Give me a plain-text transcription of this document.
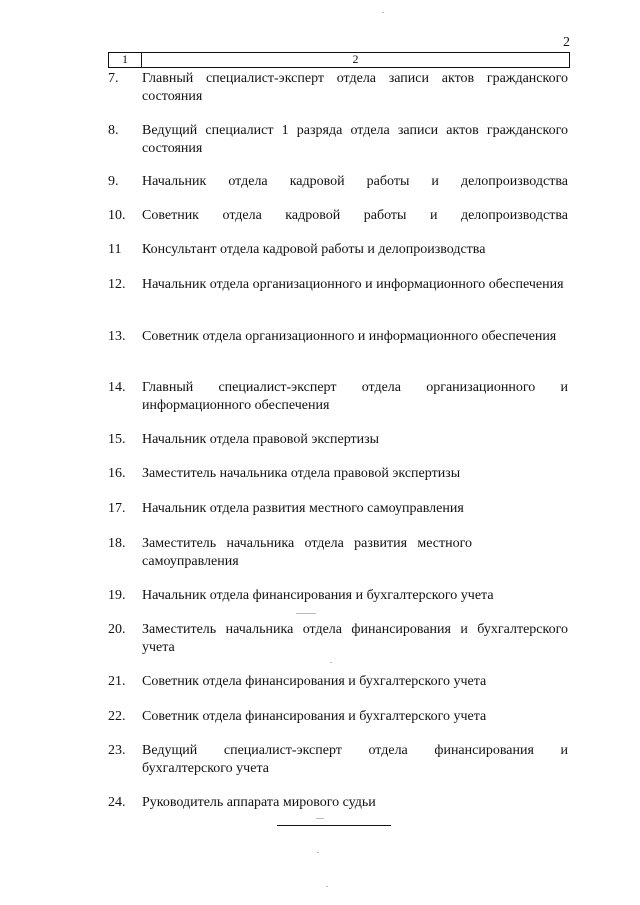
2
1	2
7.	Главный специалист-эксперт отдела записи актов гражданского состояния
8.	Ведущий специалист 1 разряда отдела записи актов гражданского состояния
9.	Начальник отдела кадровой работы и делопроизводства
10.	Советник отдела кадровой работы и делопроизводства
11	Консультант отдела кадровой работы и делопроизводства
12.	Начальник отдела организационного и информационного обеспечения
13.	Советник отдела организационного и информационного обеспечения
14.	Главный специалист-эксперт отдела организационного и информационного обеспечения
15.	Начальник отдела правовой экспертизы
16.	Заместитель начальника отдела правовой экспертизы
17.	Начальник отдела развития местного самоуправления
18.	Заместитель начальника отдела развития местного самоуправления
19.	Начальник отдела финансирования и бухгалтерского учета
20.	Заместитель начальника отдела финансирования и бухгалтерского учета
21.	Советник отдела финансирования и бухгалтерского учета
22.	Советник отдела финансирования и бухгалтерского учета
23.	Ведущий специалист-эксперт отдела финансирования и бухгалтерского учета
24.	Руководитель аппарата мирового судьи
